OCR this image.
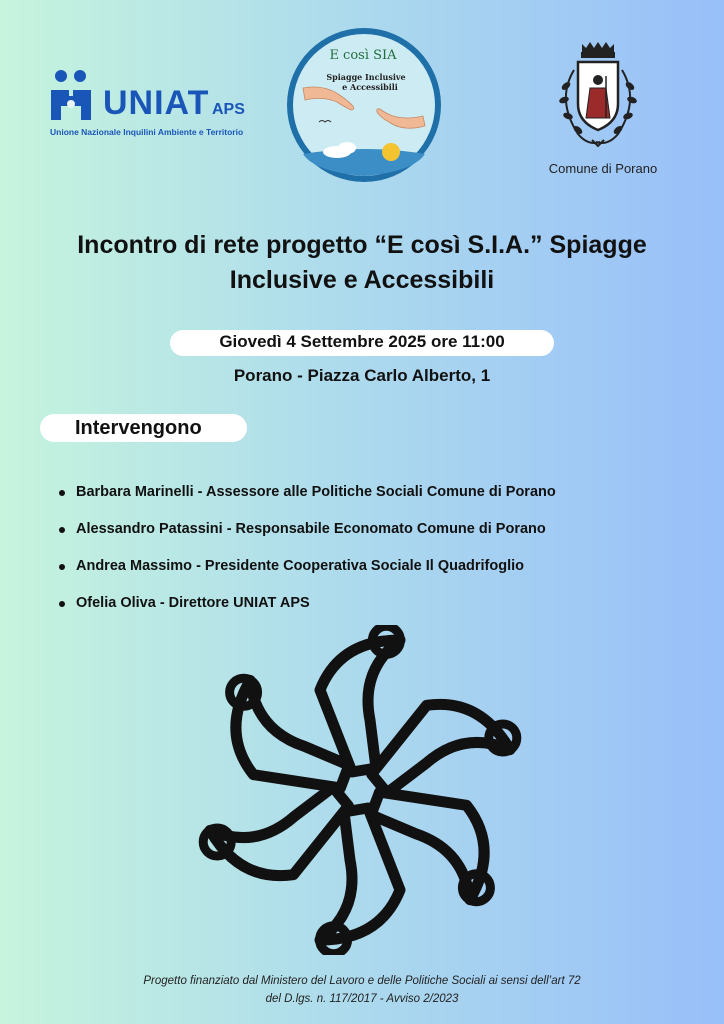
UNIAT APS
Unione Nazionale Inquilini Ambiente e Territorio
E così SIA
Spiagge Inclusive
e Accessibili
Comune di Porano
Incontro di rete progetto “E così S.I.A.” Spiagge Inclusive e Accessibili
Giovedì 4 Settembre 2025 ore 11:00
Porano - Piazza Carlo Alberto, 1
Intervengono
Barbara Marinelli - Assessore alle Politiche Sociali Comune di Porano
Alessandro Patassini - Responsabile Economato Comune di Porano
Andrea Massimo - Presidente Cooperativa Sociale Il Quadrifoglio
Ofelia Oliva - Direttore UNIAT APS
Progetto finanziato dal Ministero del Lavoro e delle Politiche Sociali ai sensi dell’art 72
del D.lgs. n. 117/2017 - Avviso 2/2023
